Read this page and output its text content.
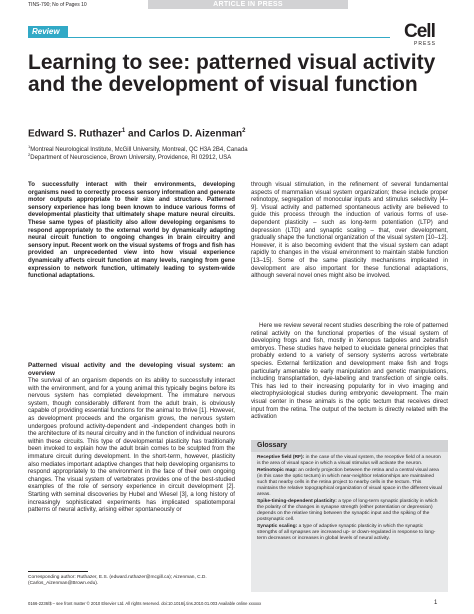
TINS-790; No of Pages 10	ARTICLE IN PRESS
Review	Cell
PRESS
Learning to see: patterned visual activity and the development of visual function
Edward S. Ruthazer$^1$ and Carlos D. Aizenman$^2$
$^1$Montreal Neurological Institute, McGill University, Montreal, QC H3A 2B4, Canada
$^2$Department of Neuroscience, Brown University, Providence, RI 02912, USA
To successfully interact with their environments, developing organisms need to correctly process sensory information and generate motor outputs appropriate to their size and structure. Patterned sensory experience has long been known to induce various forms of developmental plasticity that ultimately shape mature neural circuits. These same types of plasticity also allow developing organisms to respond appropriately to the external world by dynamically adapting neural circuit function to ongoing changes in brain circuitry and sensory input. Recent work on the visual systems of frogs and fish has provided an unprecedented view into how visual experience dynamically affects circuit function at many levels, ranging from gene expression to network function, ultimately leading to system-wide functional adaptations.
Patterned visual activity and the developing visual system: an overview
The survival of an organism depends on its ability to successfully interact with the environment, and for a young animal this typically begins before its nervous system has completed development. The immature nervous system, though considerably different from the adult brain, is obviously capable of providing essential functions for the animal to thrive [1]. However, as development proceeds and the organism grows, the nervous system undergoes profound activity-dependent and -independent changes both in the architecture of its neural circuitry and in the function of individual neurons within these circuits. This type of developmental plasticity has traditionally been invoked to explain how the adult brain comes to be sculpted from the immature circuit during development. In the short-term, however, plasticity also mediates important adaptive changes that help developing organisms to respond appropriately to the environment in the face of their own ongoing changes. The visual system of vertebrates provides one of the best-studied examples of the role of sensory experience in circuit development [2]. Starting with seminal discoveries by Hubel and Wiesel [3], a long history of increasingly sophisticated experiments has implicated spatiotemporal patterns of neural activity, arising either spontaneously or
Corresponding author: Ruthazer, E.S. (edward.ruthazer@mcgill.ca); Aizenman, C.D. (Carlos_Aizenman@Brown.edu).
through visual stimulation, in the refinement of several fundamental aspects of mammalian visual system organization; these include proper retinotopy, segregation of monocular inputs and stimulus selectivity [4–9]. Visual activity and patterned spontaneous activity are believed to guide this process through the induction of various forms of use-dependent plasticity – such as long-term potentiation (LTP) and depression (LTD) and synaptic scaling – that, over development, gradually shape the functional organization of the visual system [10–12]. However, it is also becoming evident that the visual system can adapt rapidly to changes in the visual environment to maintain stable function [13–15]. Some of the same plasticity mechanisms implicated in development are also important for these functional adaptations, although several novel ones might also be involved.

Here we review several recent studies describing the role of patterned retinal activity on the functional properties of the visual system of developing frogs and fish, mostly in Xenopus tadpoles and zebrafish embryos. These studies have helped to elucidate general principles that probably extend to a variety of sensory systems across vertebrate species. External fertilization and development make fish and frogs particularly amenable to early manipulation and genetic manipulations, including transplantation, dye-labeling and transfection of single cells. This has led to their increasing popularity for in vivo imaging and electrophysiological studies during embryonic development. The main visual center in these animals is the optic tectum that receives direct input from the retina. The output of the tectum is directly related with the activation

Glossary

Receptive field (RF): in the case of the visual system, the receptive field of a neuron is the area of visual space in which a visual stimulus will activate the neuron.

Retinotopic map: an orderly projection between the retina and a central visual area (in this case the optic tectum) in which near-neighbor relationships are maintained such that nearby cells in the retina project to nearby cells in the tectum. This maintains the relative topographical organization of visual space in the different visual areas.

Spike-timing-dependent plasticity: a type of long-term synaptic plasticity in which the polarity of the changes in synapse strength (either potentiation or depression) depends on the relative timing between the synaptic input and the spiking of the postsynaptic cell.

Synaptic scaling: a type of adaptive synaptic plasticity in which the synaptic strengths of all synapses are increased up- or down-regulated in response to long-term decreases or increases in global levels of neural activity.

0166-2236/$ – see front matter © 2010 Elsevier Ltd. All rights reserved. doi:10.1016/j.tins.2010.01.003 Available online xxxxxx	1
